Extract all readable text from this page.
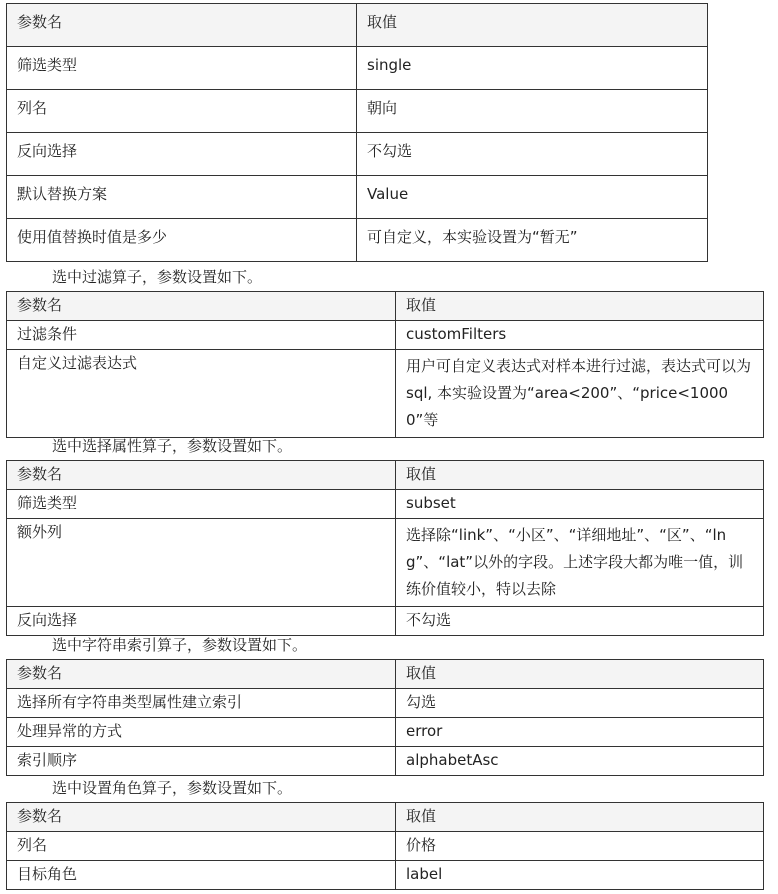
参数名	取值
筛选类型	single
列名	朝向
反向选择	不勾选
默认替换方案	Value
使用值替换时值是多少	可自定义，本实验设置为“暂无”
选中过滤算子，参数设置如下。
参数名	取值
过滤条件	customFilters
自定义过滤表达式	用户可自定义表达式对样本进行过滤，表达式可以为 sql, 本实验设置为“area<200”、“price<10000”等
选中选择属性算子，参数设置如下。
参数名	取值
筛选类型	subset
额外列	选择除“link”、“小区”、“详细地址”、“区”、“lng”、“lat”以外的字段。上述字段大都为唯一值，训练价值较小，特以去除
反向选择	不勾选
选中字符串索引算子，参数设置如下。
参数名	取值
选择所有字符串类型属性建立索引	勾选
处理异常的方式	error
索引顺序	alphabetAsc
选中设置角色算子，参数设置如下。
参数名	取值
列名	价格
目标角色	label
